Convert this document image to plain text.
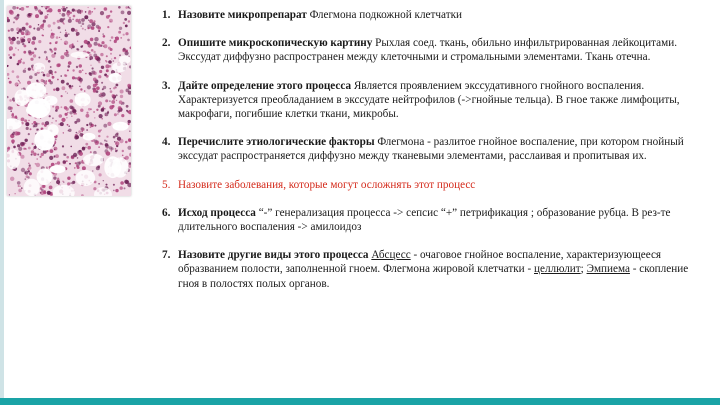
1. Назовите микропрепарат Флегмона подкожной клетчатки
2. Опишите микроскопическую картину Рыхлая соед. ткань, обильно инфильтрированная лейкоцитами. Экссудат диффузно распространен между клеточными и стромальными элементами. Ткань отечна.
3. Дайте определение этого процесса Является проявлением экссудативного гнойного воспаления. Характеризуется преобладанием в экссудате нейтрофилов (->гнойные тельца). В гное также лимфоциты, макрофаги, погибшие клетки ткани, микробы.
4. Перечислите этиологические факторы Флегмона - разлитое гнойное воспаление, при котором гнойный экссудат распространяется диффузно между тканевыми элементами, расслаивая и пропитывая их.
5. Назовите заболевания, которые могут осложнять этот процесс
6. Исход процесса “-” генерализация процесса -> сепсис “+” петрификация ; образование рубца. В рез-те длительного воспаления -> амилоидоз
7. Назовите другие виды этого процесса Абсцесс - очаговое гнойное воспаление, характеризующееся образванием полости, заполненной гноем. Флегмона жировой клетчатки - целлюлит; Эмпиема - скопление гноя в полостях полых органов.
